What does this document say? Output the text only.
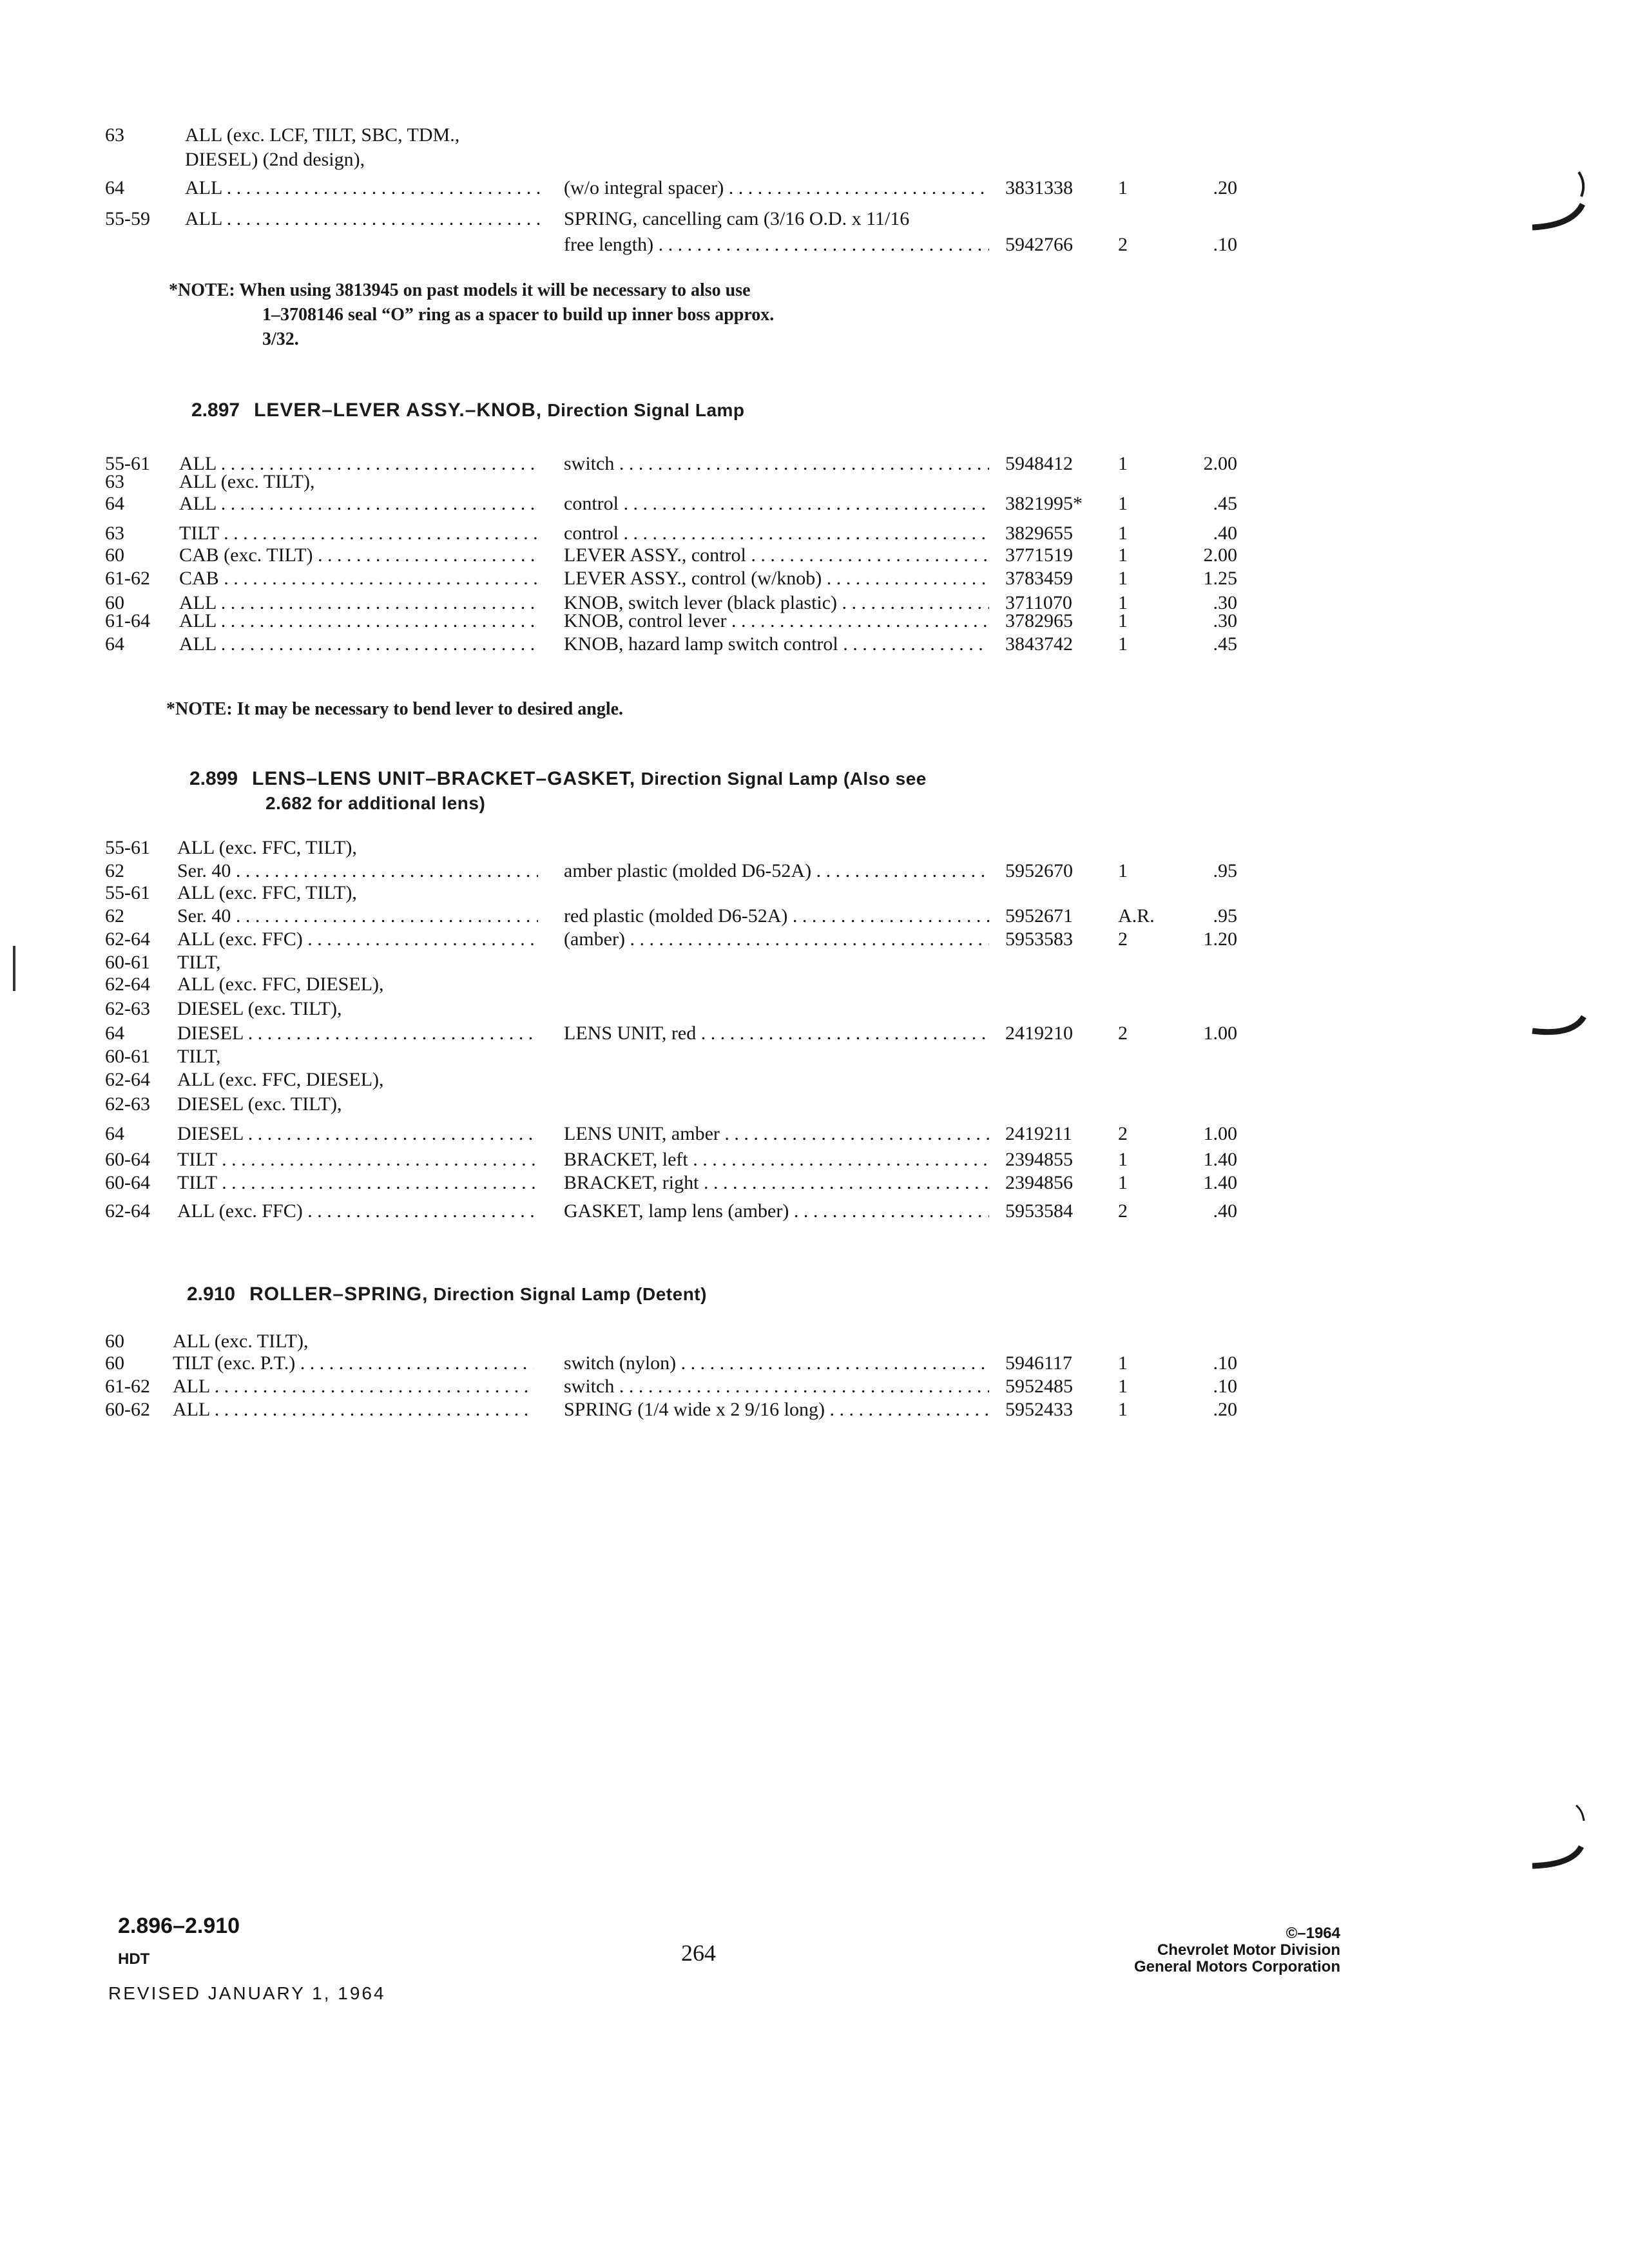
63	ALL (exc. LCF, TILT, SBC, TDM.,
DIESEL) (2nd design),
64	ALL . . .	(w/o integral spacer) . . .	3831338 1	.20
55-59 ALL . . .	SPRING, cancelling cam (3/16 O.D. x 11/16
free length) . . .	5942766 2	.10
*NOTE: When using 3813945 on past models it will be necessary to also use
1–3708146 seal “O” ring as a spacer to build up inner boss approx.
3/32.
2.897 LEVER–LEVER ASSY.–KNOB, Direction Signal Lamp
55-61 ALL . . .	switch . . .	5948412 1	2.00
63	ALL (exc. TILT),
64	ALL . . .	control . . .	3821995* 1	.45
63	TILT . . .	control . . .	3829655 1	.40
60	CAB (exc. TILT) . . .	LEVER ASSY., control . . .	3771519 1	2.00
61-62 CAB . . .	LEVER ASSY., control (w/knob) . . .	3783459 1	1.25
60	ALL . . .	KNOB, switch lever (black plastic) . . .	3711070 1	.30
61-64 ALL . . .	KNOB, control lever . . .	3782965 1	.30
64	ALL . . .	KNOB, hazard lamp switch control . . .	3843742 1	.45
*NOTE: It may be necessary to bend lever to desired angle.
2.899 LENS–LENS UNIT–BRACKET–GASKET, Direction Signal Lamp (Also see
2.682 for additional lens)
55-61 ALL (exc. FFC, TILT),
62	Ser. 40 . . .	amber plastic (molded D6-52A) . . .	5952670 1	.95
55-61 ALL (exc. FFC, TILT),
62	Ser. 40 . . .	red plastic (molded D6-52A) . . .	5952671 A.R.	.95
62-64 ALL (exc. FFC) . . .	(amber) . . .	5953583 2	1.20
60-61 TILT,
62-64 ALL (exc. FFC, DIESEL),
62-63 DIESEL (exc. TILT),
64	DIESEL . . .	LENS UNIT, red . . .	2419210 2	1.00
60-61 TILT,
62-64 ALL (exc. FFC, DIESEL),
62-63 DIESEL (exc. TILT),
64	DIESEL . . .	LENS UNIT, amber . . .	2419211 2	1.00
60-64 TILT . . .	BRACKET, left . . .	2394855 1	1.40
60-64 TILT . . .	BRACKET, right . . .	2394856 1	1.40
62-64 ALL (exc. FFC) . . .	GASKET, lamp lens (amber) . . .	5953584 2	.40
2.910 ROLLER–SPRING, Direction Signal Lamp (Detent)
60	ALL (exc. TILT),
60	TILT (exc. P.T.) . . .	switch (nylon) . . .	5946117 1	.10
61-62 ALL . . .	switch . . .	5952485 1	.10
60-62 ALL . . .	SPRING (1/4 wide x 2 9/16 long) . . .	5952433 1	.20
2.896–2.910
HDT
REVISED JANUARY 1, 1964
264
©–1964
Chevrolet Motor Division
General Motors Corporation
